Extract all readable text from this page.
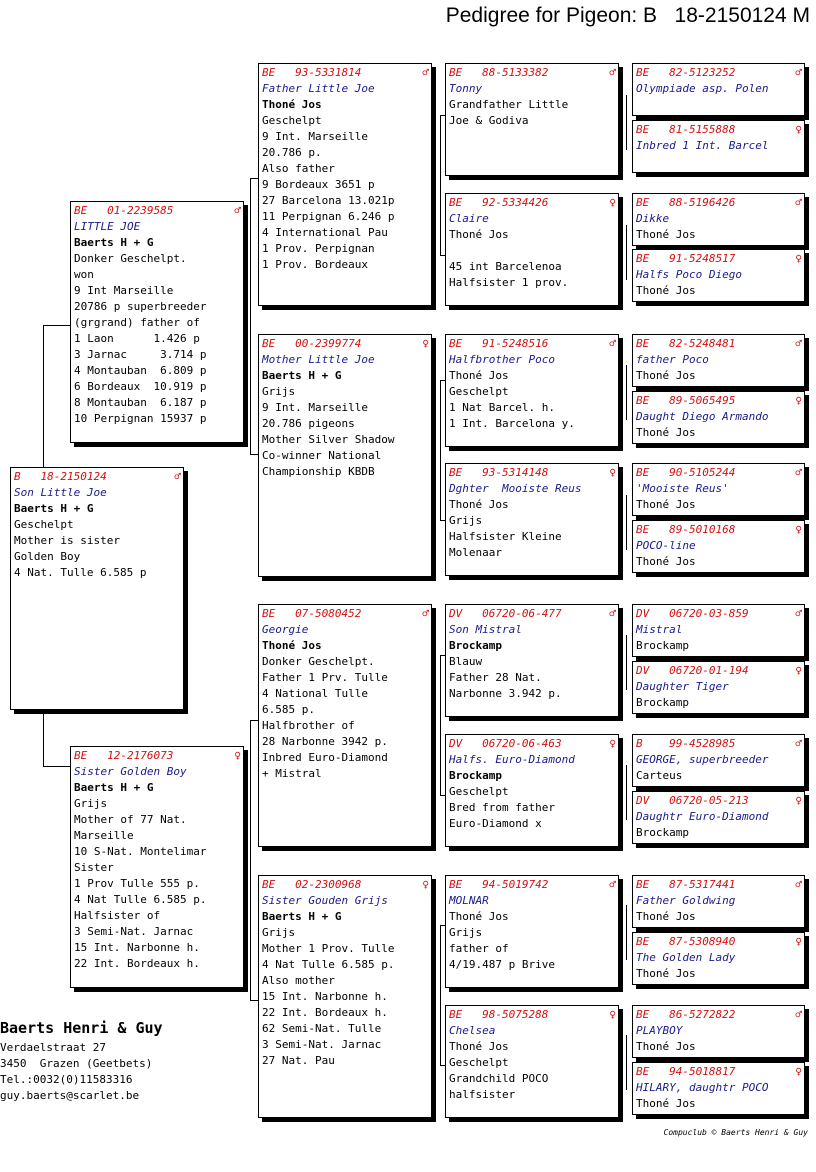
Pedigree for Pigeon: B   18-2150124 M
B   18-2150124	♂
Son Little Joe
Baerts H + G
Geschelpt
Mother is sister
Golden Boy
4 Nat. Tulle 6.585 p
BE   01-2239585	♂
LITTLE JOE
Baerts H + G
Donker Geschelpt.
won
9 Int Marseille
20786 p superbreeder
(grgrand) father of
1 Laon      1.426 p
3 Jarnac     3.714 p
4 Montauban  6.809 p
6 Bordeaux  10.919 p
8 Montauban  6.187 p
10 Perpignan 15937 p
BE   12-2176073	♀
Sister Golden Boy
Baerts H + G
Grijs
Mother of 77 Nat.
Marseille
10 S-Nat. Montelimar
Sister
1 Prov Tulle 555 p.
4 Nat Tulle 6.585 p.
Halfsister of
3 Semi-Nat. Jarnac
15 Int. Narbonne h.
22 Int. Bordeaux h.
BE   93-5331814	♂
Father Little Joe
Thoné Jos
Geschelpt
9 Int. Marseille
20.786 p.
Also father
9 Bordeaux 3651 p
27 Barcelona 13.021p
11 Perpignan 6.246 p
4 International Pau
1 Prov. Perpignan
1 Prov. Bordeaux
BE   00-2399774	♀
Mother Little Joe
Baerts H + G
Grijs
9 Int. Marseille
20.786 pigeons
Mother Silver Shadow
Co-winner National
Championship KBDB
BE   07-5080452	♂
Georgie
Thoné Jos
Donker Geschelpt.
Father 1 Prv. Tulle
4 National Tulle
6.585 p.
Halfbrother of
28 Narbonne 3942 p.
Inbred Euro-Diamond
+ Mistral
BE   02-2300968	♀
Sister Gouden Grijs
Baerts H + G
Grijs
Mother 1 Prov. Tulle
4 Nat Tulle 6.585 p.
Also mother
15 Int. Narbonne h.
22 Int. Bordeaux h.
62 Semi-Nat. Tulle
3 Semi-Nat. Jarnac
27 Nat. Pau
BE   88-5133382	♂
Tonny
Grandfather Little
Joe & Godiva
BE   92-5334426	♀
Claire
Thoné Jos

45 int Barcelenoa
Halfsister 1 prov.
BE   91-5248516	♂
Halfbrother Poco
Thoné Jos
Geschelpt
1 Nat Barcel. h.
1 Int. Barcelona y.
BE   93-5314148	♀
Dghter  Mooiste Reus
Thoné Jos
Grijs
Halfsister Kleine
Molenaar
DV   06720-06-477	♂
Son Mistral
Brockamp
Blauw
Father 28 Nat.
Narbonne 3.942 p.
DV   06720-06-463	♀
Halfs. Euro-Diamond
Brockamp
Geschelpt
Bred from father
Euro-Diamond x
BE   94-5019742	♂
MOLNAR
Thoné Jos
Grijs
father of
4/19.487 p Brive
BE   98-5075288	♀
Chelsea
Thoné Jos
Geschelpt
Grandchild POCO
halfsister
BE   82-5123252	♂
Olympiade asp. Polen
BE   81-5155888	♀
Inbred 1 Int. Barcel
BE   88-5196426	♂
Dikke
Thoné Jos
BE   91-5248517	♀
Halfs Poco Diego
Thoné Jos
BE   82-5248481	♂
father Poco
Thoné Jos
BE   89-5065495	♀
Daught Diego Armando
Thoné Jos
BE   90-5105244	♂
'Mooiste Reus'
Thoné Jos
BE   89-5010168	♀
POCO-line
Thoné Jos
DV   06720-03-859	♂
Mistral
Brockamp
DV   06720-01-194	♀
Daughter Tiger
Brockamp
B    99-4528985	♂
GEORGE, superbreeder
Carteus
DV   06720-05-213	♀
Daughtr Euro-Diamond
Brockamp
BE   87-5317441	♂
Father Goldwing
Thoné Jos
BE   87-5308940	♀
The Golden Lady
Thoné Jos
BE   86-5272822	♂
PLAYBOY
Thoné Jos
BE   94-5018817	♀
HILARY, daughtr POCO
Thoné Jos
Baerts Henri & Guy
Verdaelstraat 27
3450  Grazen (Geetbets)
Tel.:0032(0)11583316
guy.baerts@scarlet.be
Compuclub © Baerts Henri & Guy
